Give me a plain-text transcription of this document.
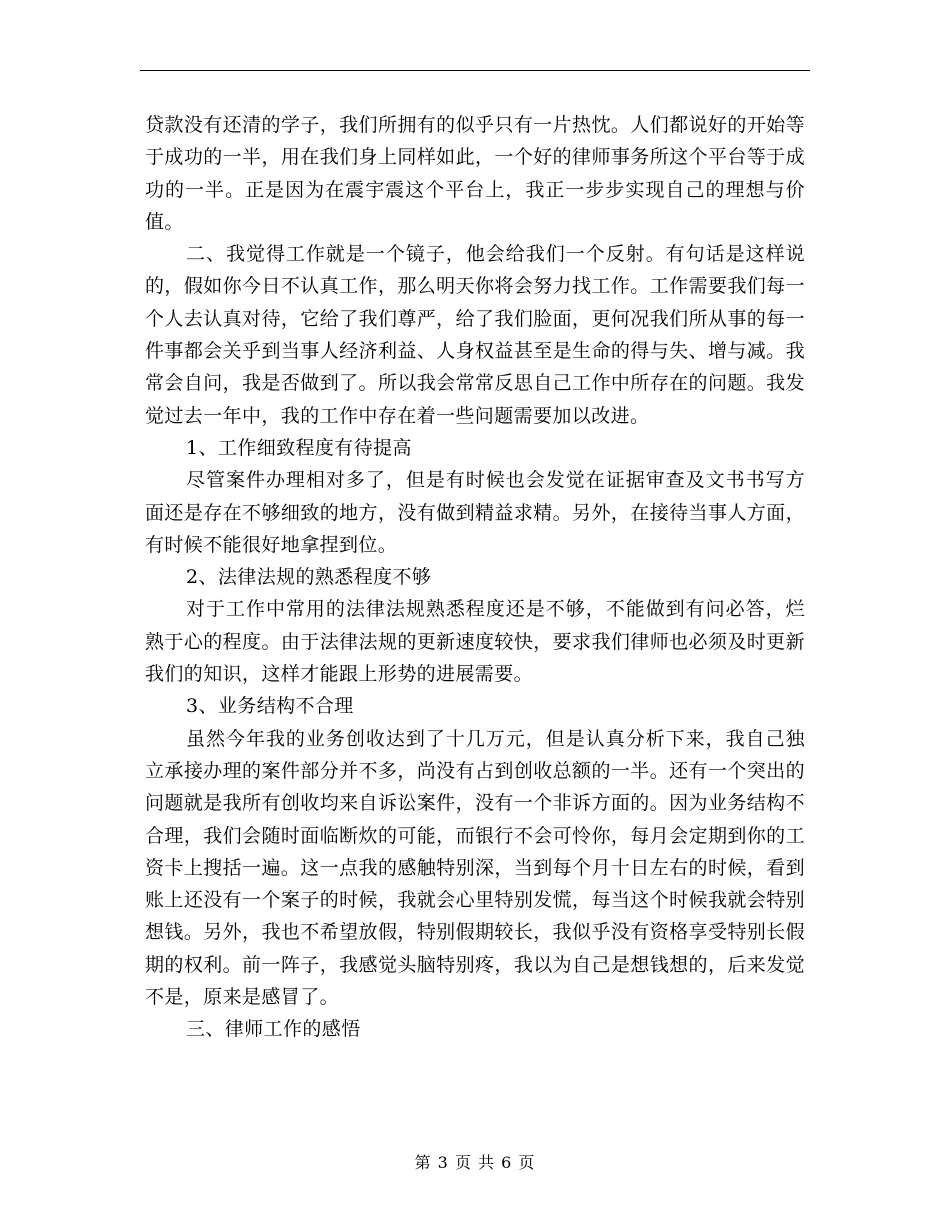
贷款没有还清的学子，我们所拥有的似乎只有一片热忱。人们都说好的开始等于成功的一半，用在我们身上同样如此，一个好的律师事务所这个平台等于成功的一半。正是因为在震宇震这个平台上，我正一步步实现自己的理想与价值。

二、我觉得工作就是一个镜子，他会给我们一个反射。有句话是这样说的，假如你今日不认真工作，那么明天你将会努力找工作。工作需要我们每一个人去认真对待，它给了我们尊严，给了我们脸面，更何况我们所从事的每一件事都会关乎到当事人经济利益、人身权益甚至是生命的得与失、增与减。我常会自问，我是否做到了。所以我会常常反思自己工作中所存在的问题。我发觉过去一年中，我的工作中存在着一些问题需要加以改进。

1、工作细致程度有待提高

尽管案件办理相对多了，但是有时候也会发觉在证据审查及文书书写方面还是存在不够细致的地方，没有做到精益求精。另外，在接待当事人方面，有时候不能很好地拿捏到位。

2、法律法规的熟悉程度不够

对于工作中常用的法律法规熟悉程度还是不够，不能做到有问必答，烂熟于心的程度。由于法律法规的更新速度较快，要求我们律师也必须及时更新我们的知识，这样才能跟上形势的进展需要。

3、业务结构不合理

虽然今年我的业务创收达到了十几万元，但是认真分析下来，我自己独立承接办理的案件部分并不多，尚没有占到创收总额的一半。还有一个突出的问题就是我所有创收均来自诉讼案件，没有一个非诉方面的。因为业务结构不合理，我们会随时面临断炊的可能，而银行不会可怜你，每月会定期到你的工资卡上搜括一遍。这一点我的感触特别深，当到每个月十日左右的时候，看到账上还没有一个案子的时候，我就会心里特别发慌，每当这个时候我就会特别想钱。另外，我也不希望放假，特别假期较长，我似乎没有资格享受特别长假期的权利。前一阵子，我感觉头脑特别疼，我以为自己是想钱想的，后来发觉不是，原来是感冒了。

三、律师工作的感悟

第 3 页 共 6 页
